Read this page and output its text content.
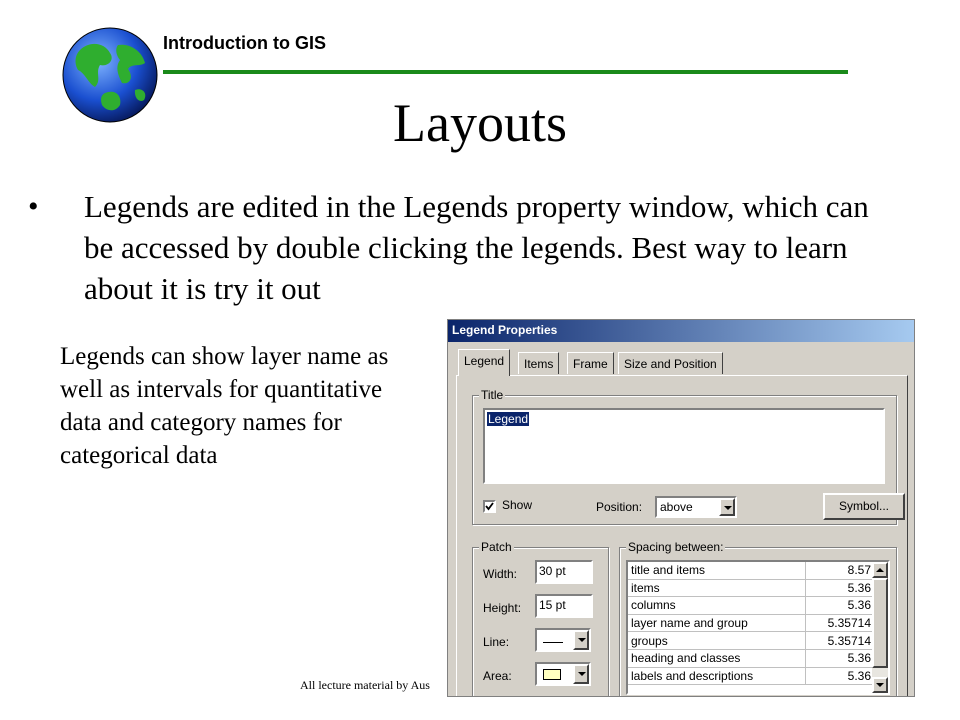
Introduction to GIS
Layouts
• Legends are edited in the Legends property window, which can be accessed by double clicking the legends. Best way to learn about it is try it out
Legends can show layer name as well as intervals for quantitative data and category names for categorical data
All lecture material by Aus
Legend Properties
Legend	Items	Frame	Size and Position
Title
Legend
Show	Position: above	Symbol...
Patch
Width: 30 pt
Height: 15 pt
Line:
Area:
Spacing between:
title and items	8.57
items	5.36
columns	5.36
layer name and group	5.35714
groups	5.35714
heading and classes	5.36
labels and descriptions	5.36
